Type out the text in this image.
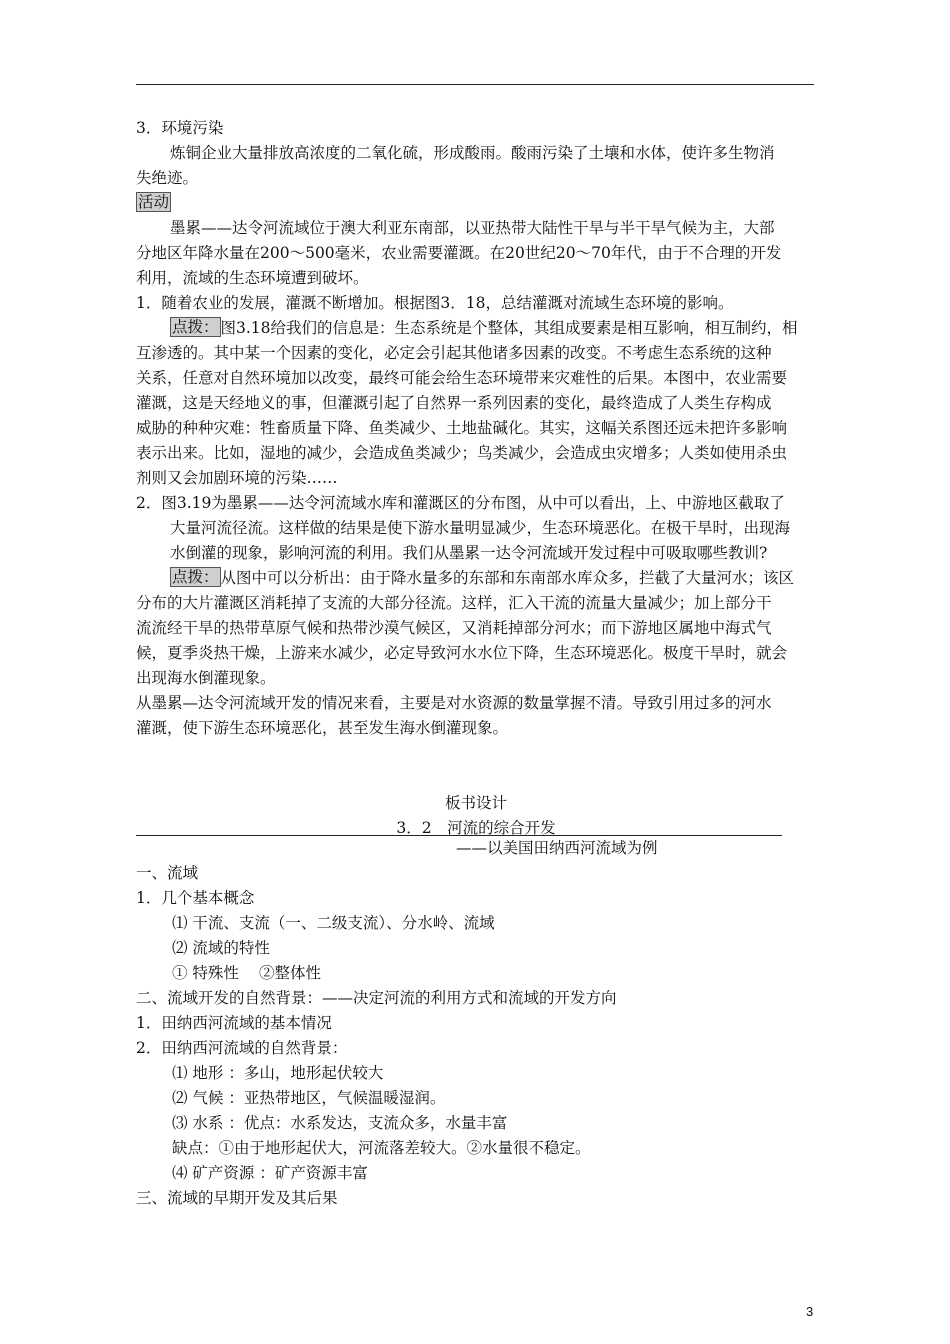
3．环境污染
炼铜企业大量排放高浓度的二氧化硫，形成酸雨。酸雨污染了土壤和水体，使许多生物消
失绝迹。
活动
墨累——达令河流域位于澳大利亚东南部，以亚热带大陆性干旱与半干旱气候为主，大部
分地区年降水量在200～500毫米，农业需要灌溉。在20世纪20～70年代，由于不合理的开发
利用，流域的生态环境遭到破坏。
1．随着农业的发展，灌溉不断增加。根据图3．18，总结灌溉对流域生态环境的影响。
点拨： 图3.18给我们的信息是：生态系统是个整体，其组成要素是相互影响，相互制约，相
互渗透的。其中某一个因素的变化，必定会引起其他诸多因素的改变。不考虑生态系统的这种
关系，任意对自然环境加以改变，最终可能会给生态环境带来灾难性的后果。本图中，农业需要
灌溉，这是天经地义的事，但灌溉引起了自然界一系列因素的变化，最终造成了人类生存构成
威胁的种种灾难：牲畜质量下降、鱼类减少、土地盐碱化。其实，这幅关系图还远未把许多影响
表示出来。比如，湿地的减少，会造成鱼类减少；鸟类减少，会造成虫灾增多；人类如使用杀虫
剂则又会加剧环境的污染……
2．图3.19为墨累——达令河流域水库和灌溉区的分布图，从中可以看出，上、中游地区截取了
大量河流径流。这样做的结果是使下游水量明显减少，生态环境恶化。在极干旱时，出现海
水倒灌的现象，影响河流的利用。我们从墨累一达令河流域开发过程中可吸取哪些教训?
点拨： 从图中可以分析出：由于降水量多的东部和东南部水库众多，拦截了大量河水；该区
分布的大片灌溉区消耗掉了支流的大部分径流。这样，汇入干流的流量大量减少；加上部分干
流流经干旱的热带草原气候和热带沙漠气候区，又消耗掉部分河水；而下游地区属地中海式气
候，夏季炎热干燥，上游来水减少，必定导致河水水位下降，生态环境恶化。极度干旱时，就会
出现海水倒灌现象。
从墨累—达令河流域开发的情况来看，主要是对水资源的数量掌握不清。导致引用过多的河水
灌溉，使下游生态环境恶化，甚至发生海水倒灌现象。
板书设计
3．2　河流的综合开发
——以美国田纳西河流域为例
一、流域
1．几个基本概念
⑴ 干流、支流（一、二级支流）、分水岭、流域
⑵ 流域的特性
① 特殊性 ②整体性
二、流域开发的自然背景：——决定河流的利用方式和流域的开发方向
1．田纳西河流域的基本情况
2．田纳西河流域的自然背景：
⑴ 地形 ：多山，地形起伏较大
⑵ 气候 ：亚热带地区，气候温暖湿润。
⑶ 水系 ：优点：水系发达，支流众多，水量丰富
缺点：①由于地形起伏大，河流落差较大。②水量很不稳定。
⑷ 矿产资源 ：矿产资源丰富
三、流域的早期开发及其后果
3
